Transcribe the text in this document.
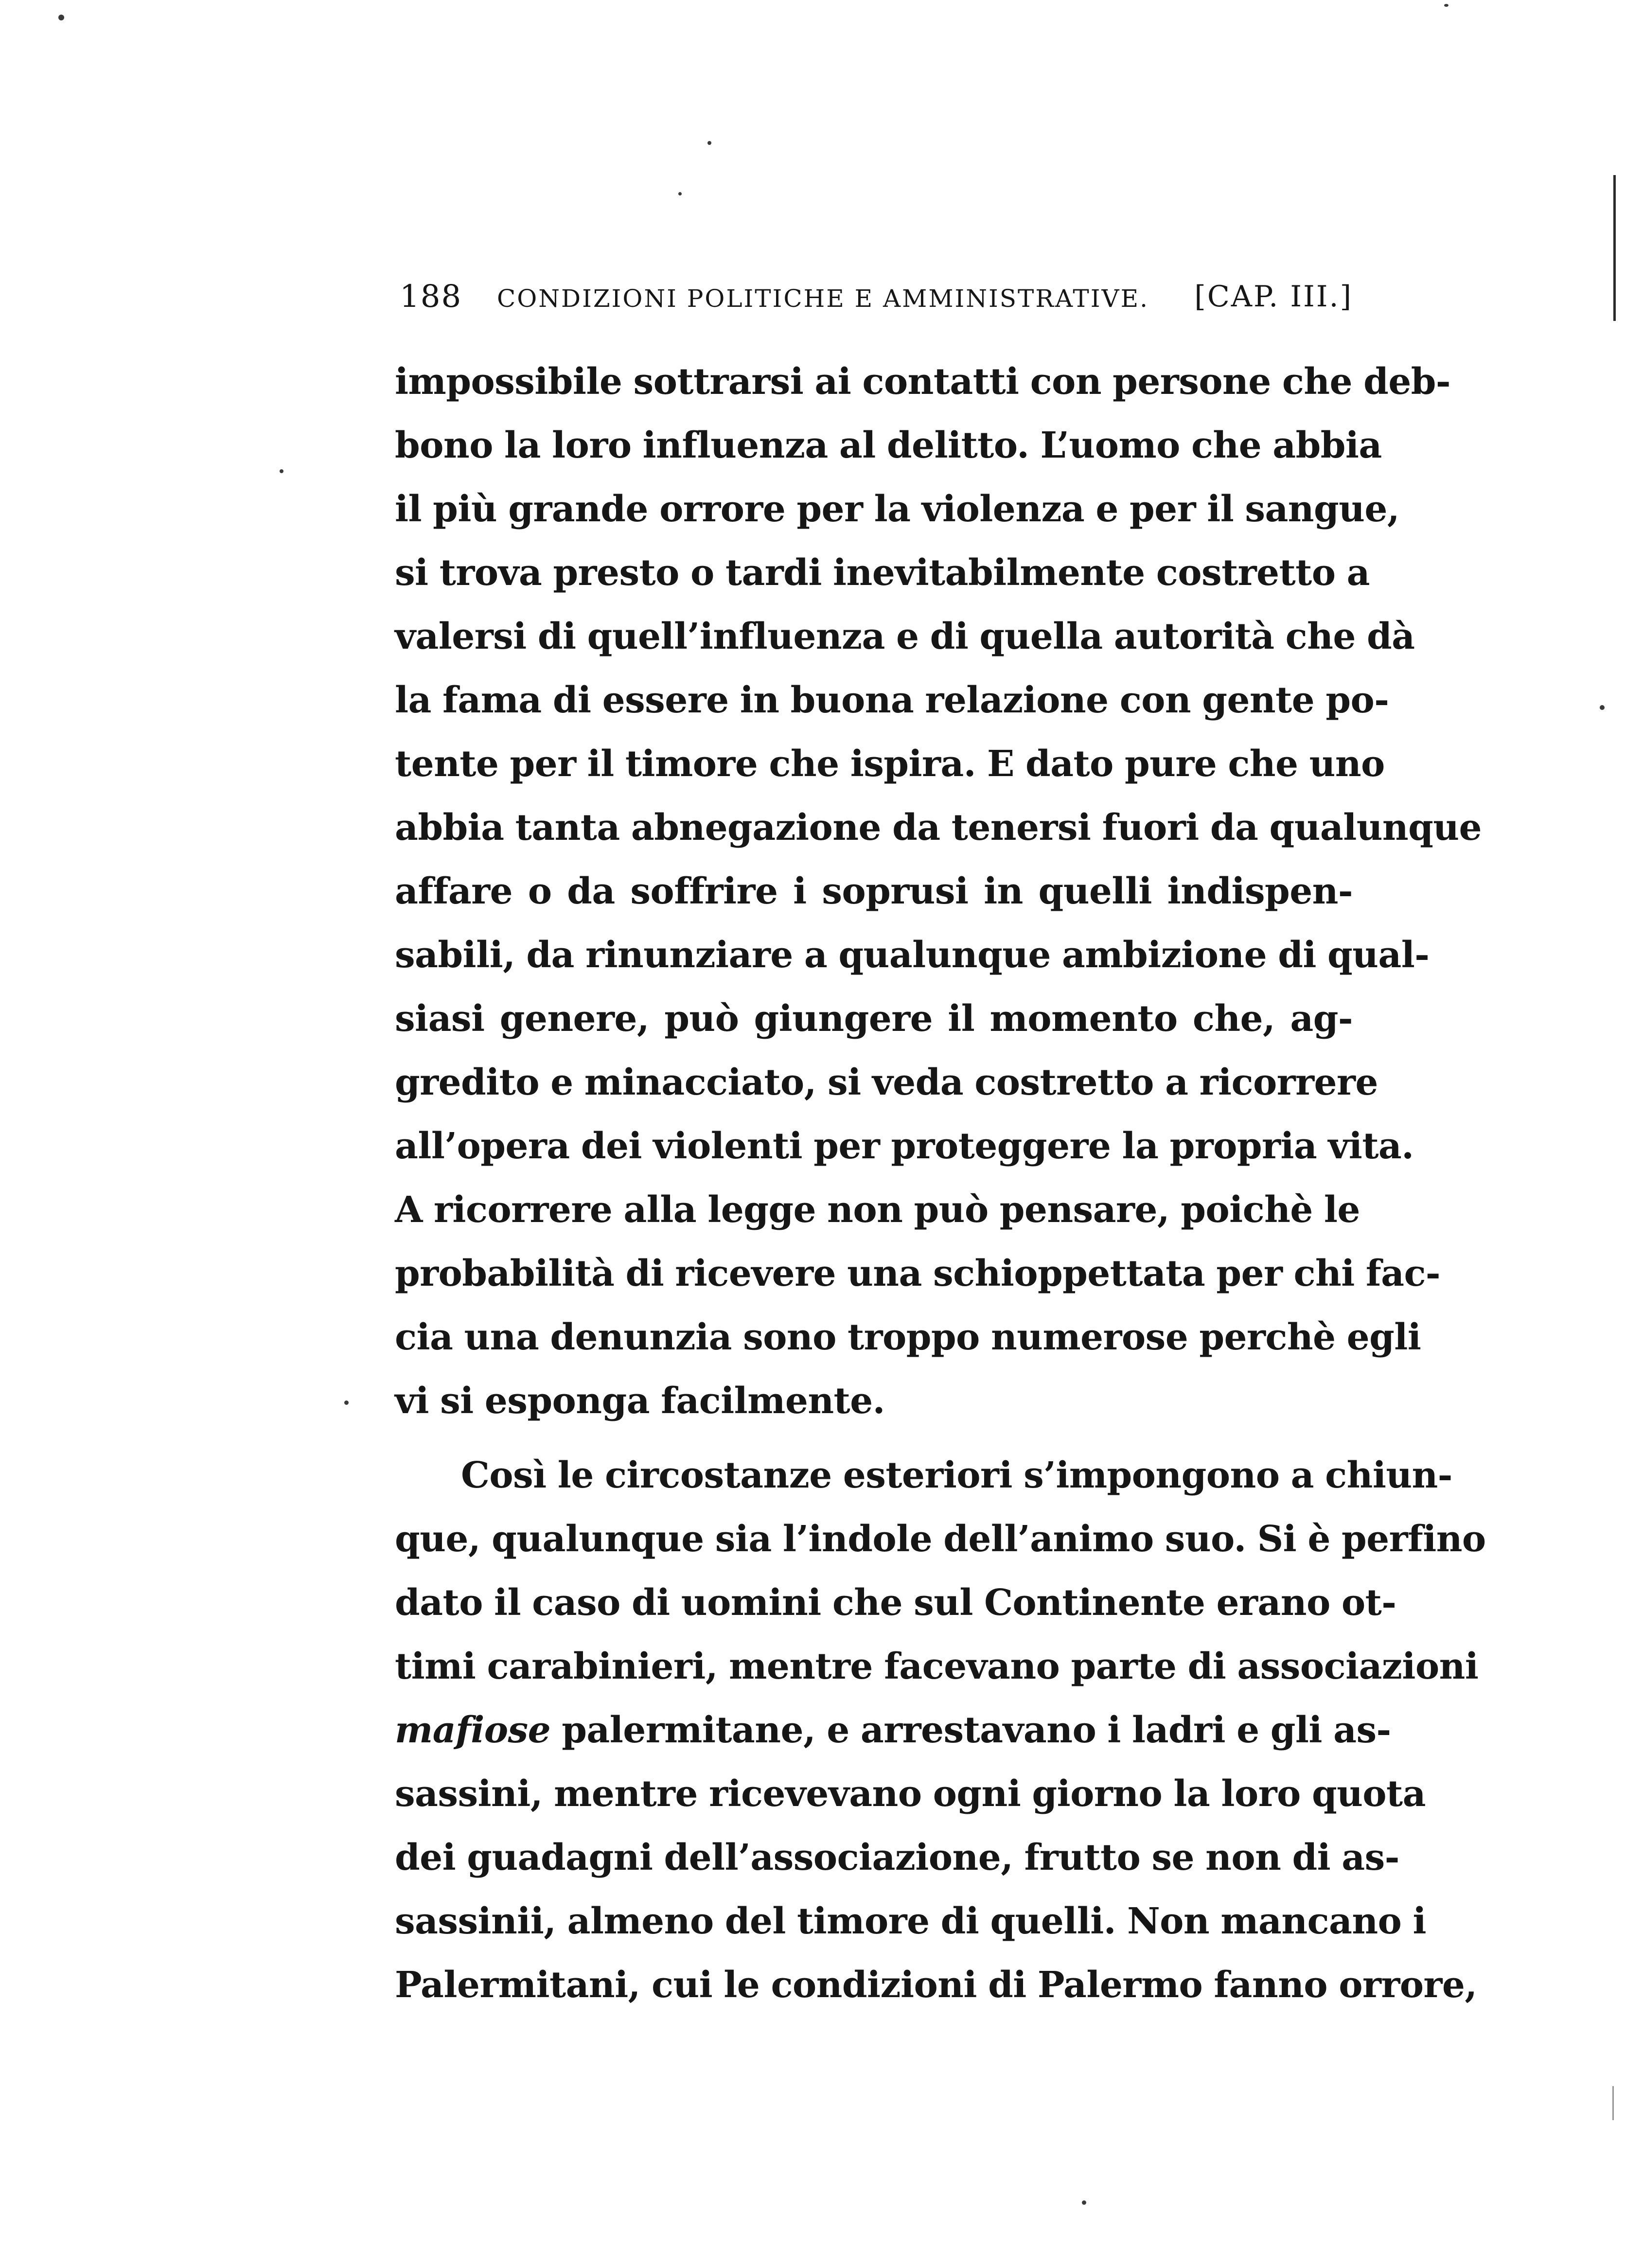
188 CONDIZIONI POLITICHE E AMMINISTRATIVE. [CAP. III.]
impossibile sottrarsi ai contatti con persone che deb-
bono la loro influenza al delitto. L’uomo che abbia
il più grande orrore per la violenza e per il sangue,
si trova presto o tardi inevitabilmente costretto a
valersi di quell’influenza e di quella autorità che dà
la fama di essere in buona relazione con gente po-
tente per il timore che ispira. E dato pure che uno
abbia tanta abnegazione da tenersi fuori da qualunque
affare o da soffrire i soprusi in quelli indispen-
sabili, da rinunziare a qualunque ambizione di qual-
siasi genere, può giungere il momento che, ag-
gredito e minacciato, si veda costretto a ricorrere
all’opera dei violenti per proteggere la propria vita.
A ricorrere alla legge non può pensare, poichè le
probabilità di ricevere una schioppettata per chi fac-
cia una denunzia sono troppo numerose perchè egli
vi si esponga facilmente.
Così le circostanze esteriori s’impongono a chiun-
que, qualunque sia l’indole dell’animo suo. Si è perfino
dato il caso di uomini che sul Continente erano ot-
timi carabinieri, mentre facevano parte di associazioni
mafiose palermitane, e arrestavano i ladri e gli as-
sassini, mentre ricevevano ogni giorno la loro quota
dei guadagni dell’associazione, frutto se non di as-
sassinii, almeno del timore di quelli. Non mancano i
Palermitani, cui le condizioni di Palermo fanno orrore,
